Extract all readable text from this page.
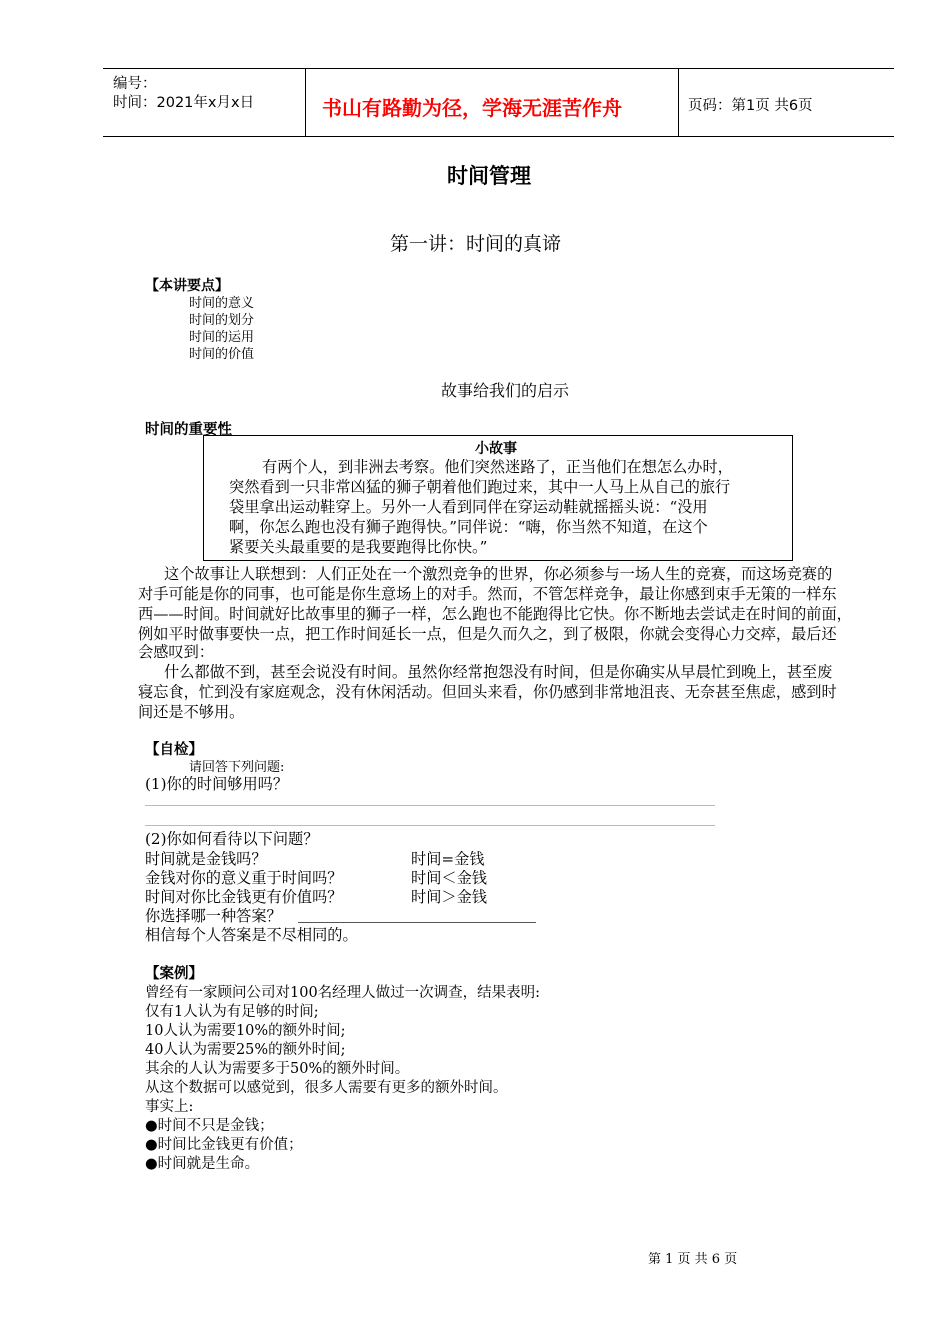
编号：
时间：2021年x月x日	书山有路勤为径，学海无涯苦作舟	页码：第1页 共6页
时间管理
第一讲：时间的真谛
【本讲要点】
时间的意义
时间的划分
时间的运用
时间的价值
故事给我们的启示
时间的重要性
小故事
有两个人，到非洲去考察。他们突然迷路了，正当他们在想怎么办时，
突然看到一只非常凶猛的狮子朝着他们跑过来，其中一人马上从自己的旅行
袋里拿出运动鞋穿上。另外一人看到同伴在穿运动鞋就摇摇头说：“没用
啊，你怎么跑也没有狮子跑得快。”同伴说：“嗨，你当然不知道，在这个
紧要关头最重要的是我要跑得比你快。”
这个故事让人联想到：人们正处在一个激烈竞争的世界，你必须参与一场人生的竞赛，而这场竞赛的
对手可能是你的同事，也可能是你生意场上的对手。然而，不管怎样竞争，最让你感到束手无策的一样东
西——时间。时间就好比故事里的狮子一样，怎么跑也不能跑得比它快。你不断地去尝试走在时间的前面，
例如平时做事要快一点，把工作时间延长一点，但是久而久之，到了极限，你就会变得心力交瘁，最后还
会感叹到：
什么都做不到，甚至会说没有时间。虽然你经常抱怨没有时间，但是你确实从早晨忙到晚上，甚至废
寝忘食，忙到没有家庭观念，没有休闲活动。但回头来看，你仍感到非常地沮丧、无奈甚至焦虑，感到时
间还是不够用。
【自检】
请回答下列问题:
(1)你的时间够用吗？
(2)你如何看待以下问题？
时间就是金钱吗？	时间=金钱
金钱对你的意义重于时间吗？	时间＜金钱
时间对你比金钱更有价值吗？	时间＞金钱
你选择哪一种答案？
相信每个人答案是不尽相同的。
【案例】
曾经有一家顾问公司对100名经理人做过一次调查，结果表明:
仅有1人认为有足够的时间;
10人认为需要10%的额外时间;
40人认为需要25%的额外时间;
其余的人认为需要多于50%的额外时间。
从这个数据可以感觉到，很多人需要有更多的额外时间。
事实上:
●时间不只是金钱；
●时间比金钱更有价值；
●时间就是生命。
第 1 页 共 6 页
